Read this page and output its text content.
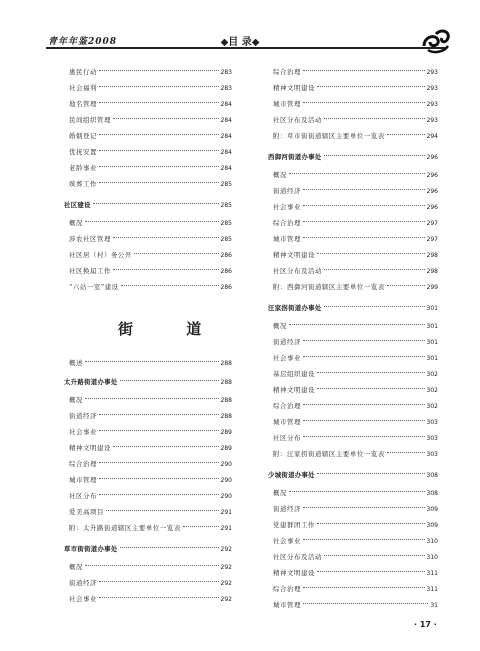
青年年鉴2008	◆目 录◆
惠民行动	283
社会福利	283
地名管理	284
民间组织管理	284
婚姻登记	284
优抚安置	284
老龄事业	284
殡葬工作	285
社区建设	285
概况	285
涉农社区管理	285
社区居（村）务公开	286
社区换届工作	286
“六站一室”建设	286
概述	288
太升路街道办事处	288
概况	288
街道经济	288
社会事业	289
精神文明建设	289
综合治理	290
城市管理	290
社区分布	290
爱美高项目	291
附：太升路街道辖区主要单位一览表	291
草市街街道办事处	292
概况	292
街道经济	292
社会事业	292
综合治理	293
精神文明建设	293
城市管理	293
社区分布及活动	293
附：草市街街道辖区主要单位一览表	294
西御河街道办事处	296
概况	296
街道经济	296
社会事业	296
综合治理	297
城市管理	297
精神文明建设	298
社区分布及活动	298
附：西御河街道辖区主要单位一览表	299
汪家拐街道办事处	301
概况	301
街道经济	301
社会事业	301
基层组织建设	302
精神文明建设	302
综合治理	302
城市管理	303
社区分布	303
附：汪家拐街道辖区主要单位一览表	303
少城街道办事处	308
概况	308
街道经济	309
党建群团工作	309
社会事业	310
社区分布及活动	310
精神文明建设	311
综合治理	311
城市管理	31
街 道
· 17 ·
